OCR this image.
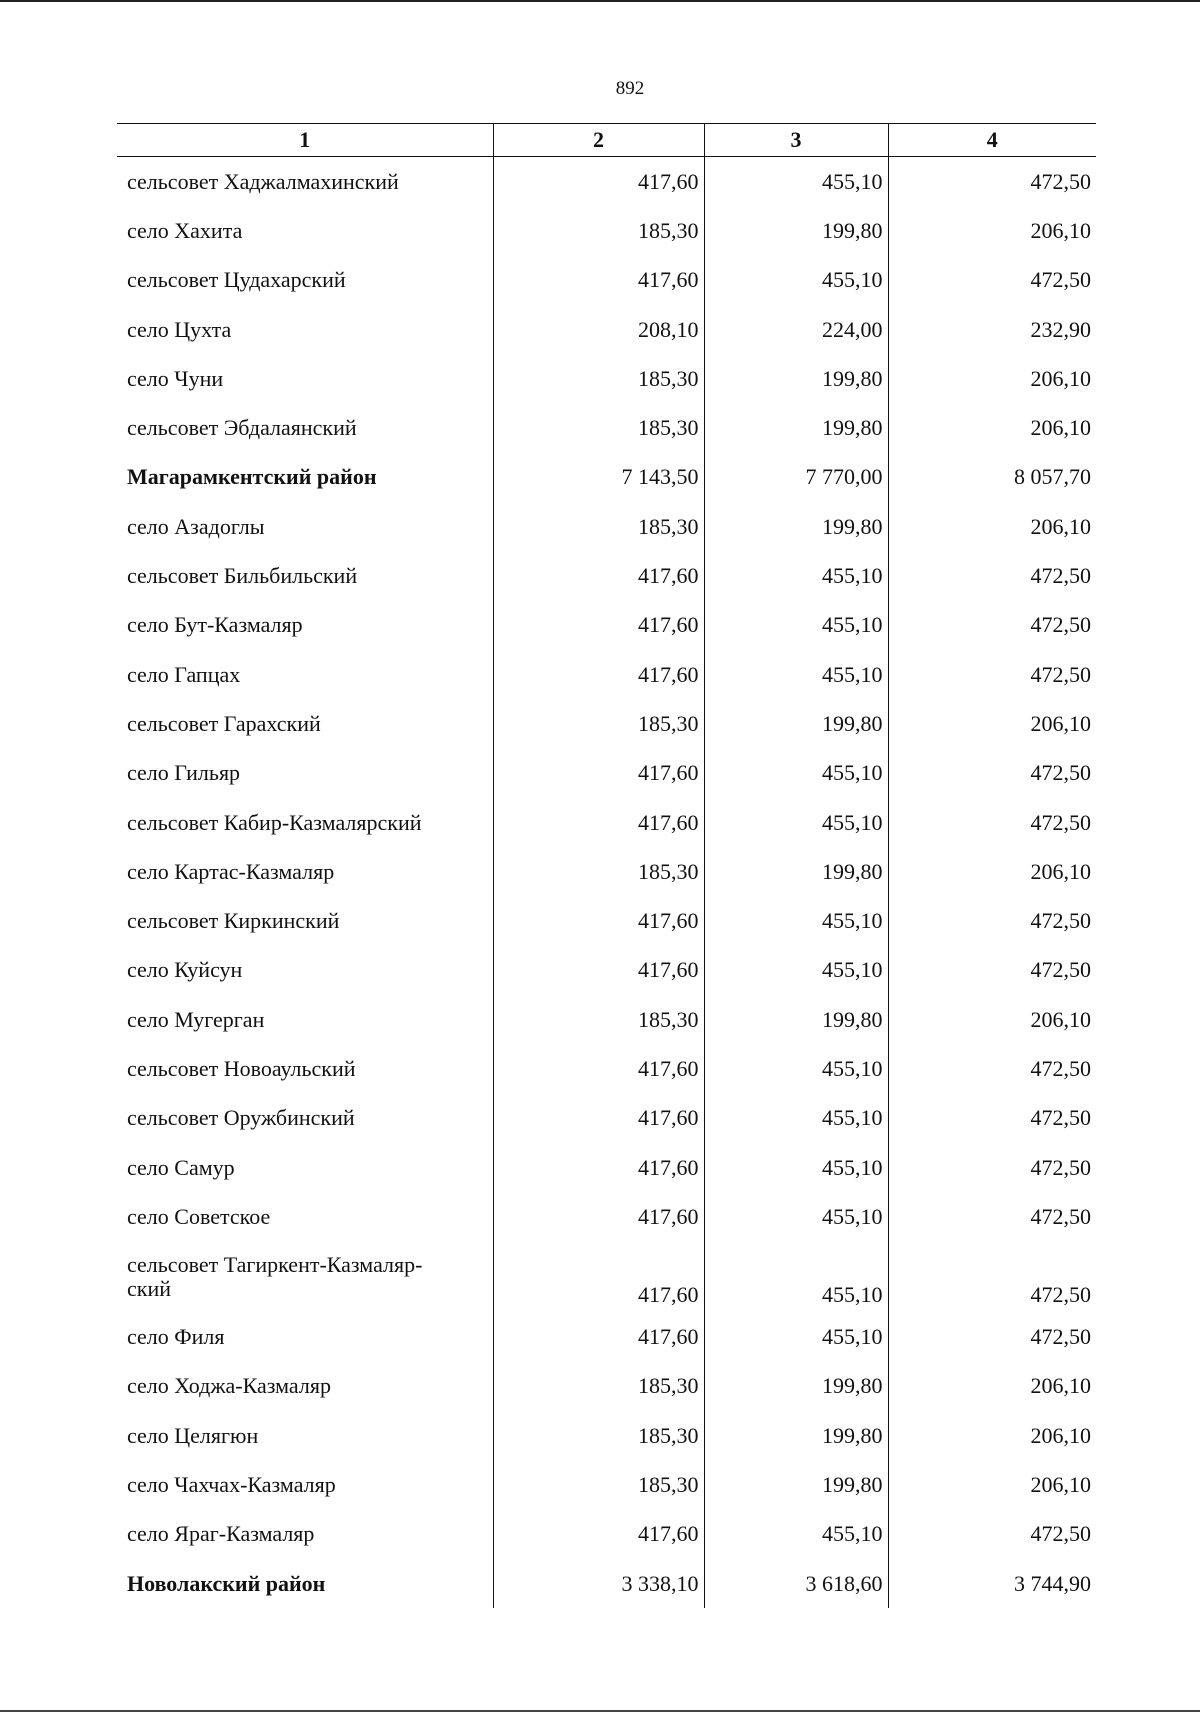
892
1	2	3	4
сельсовет Хаджалмахинский	417,60	455,10	472,50
село Хахита	185,30	199,80	206,10
сельсовет Цудахарский	417,60	455,10	472,50
село Цухта	208,10	224,00	232,90
село Чуни	185,30	199,80	206,10
сельсовет Эбдалаянский	185,30	199,80	206,10
Магарамкентский район	7 143,50	7 770,00	8 057,70
село Азадоглы	185,30	199,80	206,10
сельсовет Бильбильский	417,60	455,10	472,50
село Бут-Казмаляр	417,60	455,10	472,50
село Гапцах	417,60	455,10	472,50
сельсовет Гарахский	185,30	199,80	206,10
село Гильяр	417,60	455,10	472,50
сельсовет Кабир-Казмалярский	417,60	455,10	472,50
село Картас-Казмаляр	185,30	199,80	206,10
сельсовет Киркинский	417,60	455,10	472,50
село Куйсун	417,60	455,10	472,50
село Мугерган	185,30	199,80	206,10
сельсовет Новоаульский	417,60	455,10	472,50
сельсовет Оружбинский	417,60	455,10	472,50
село Самур	417,60	455,10	472,50
село Советское	417,60	455,10	472,50
сельсовет Тагиркент-Казмаляр-
ский	417,60	455,10	472,50
село Филя	417,60	455,10	472,50
село Ходжа-Казмаляр	185,30	199,80	206,10
село Целягюн	185,30	199,80	206,10
село Чахчах-Казмаляр	185,30	199,80	206,10
село Яраг-Казмаляр	417,60	455,10	472,50
Новолакский район	3 338,10	3 618,60	3 744,90
